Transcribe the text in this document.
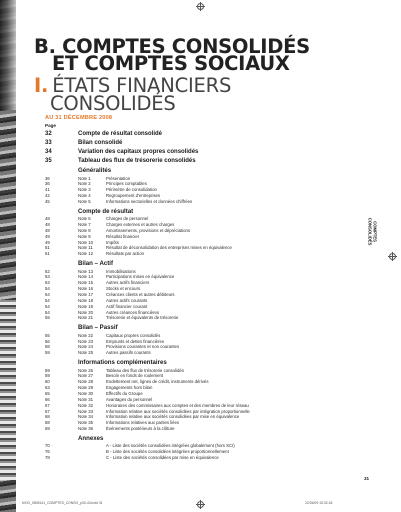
B. COMPTES CONSOLIDÉS
ET COMPTES SOCIAUX
I. ÉTATS FINANCIERS
CONSOLIDÉS
AU 31 DÉCEMBRE 2008
Page
32	Compte de résultat consolidé
33	Bilan consolidé
34	Variation des capitaux propres consolidés
35	Tableau des flux de trésorerie consolidés
Généralités
36	Note 1	Présentation
36	Note 2	Principes comptables
41	Note 3	Périmètre de consolidation
42	Note 4	Regroupement d'entreprises
45	Note 5	Informations sectorielles et données chiffrées
Compte de résultat
48	Note 6	Charges de personnel
48	Note 7	Charges externes et autres charges
48	Note 8	Amortissements, provisions et dépréciations
49	Note 9	Résultat financier
49	Note 10	Impôts
51	Note 11	Résultat de déconsolidation des entreprises mises en équivalence
51	Note 12	Résultats par action
Bilan – Actif
52	Note 13	Immobilisations
53	Note 14	Participations mises en équivalence
53	Note 15	Autres actifs financiers
54	Note 16	Stocks et encours
54	Note 17	Créances clients et autres débiteurs
54	Note 18	Autres actifs courants
54	Note 19	Actif financier courant
54	Note 20	Autres créances financières
55	Note 21	Trésorerie et équivalents de trésorerie
Bilan – Passif
55	Note 22	Capitaux propres consolidés
56	Note 23	Emprunts et dettes financières
58	Note 24	Provisions courantes et non courantes
59	Note 25	Autres passifs courants
Informations complémentaires
59	Note 26	Tableau des flux de trésorerie consolidés
59	Note 27	Besoin en fonds de roulement
60	Note 28	Endettement net, lignes de crédit, instruments dérivés
63	Note 29	Engagements hors bilan
65	Note 30	Effectifs du Groupe
66	Note 31	Avantages du personnel
67	Note 32	Honoraires des commissaires aux comptes et des membres de leur réseau
67	Note 33	Information relative aux sociétés consolidées par intégration proportionnelle
68	Note 34	Information relative aux sociétés consolidées par mise en équivalence
68	Note 35	Informations relatives aux parties liées
69	Note 36	Événements postérieurs à la clôture
Annexes
70	A - Liste des sociétés consolidées intégrées globalement (hors SCI)
76	B - Liste des sociétés consolidées intégrées proportionnellement
78	C - Liste des sociétés consolidées par mise en équivalence
COMPTES
CONSOLIDÉS
31
NXCI_0805141_COMPTES_CONSO_p30-43.indd 31	22/04/09 15:32:18
